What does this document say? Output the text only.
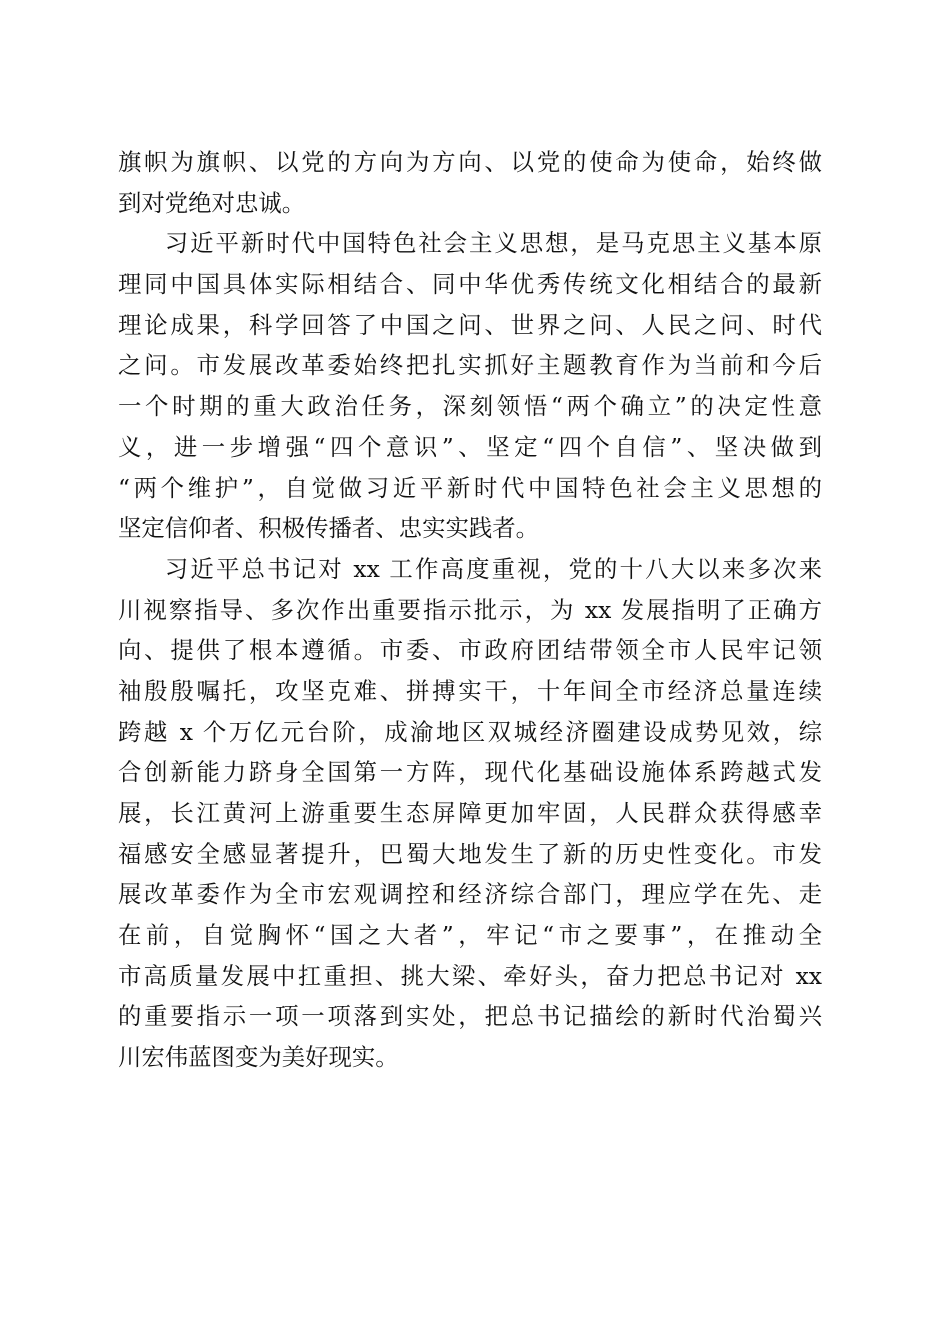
旗帜为旗帜、以党的方向为方向、以党的使命为使命，始终做
到对党绝对忠诚。
习近平新时代中国特色社会主义思想，是马克思主义基本原
理同中国具体实际相结合、同中华优秀传统文化相结合的最新
理论成果，科学回答了中国之问、世界之问、人民之问、时代
之问。市发展改革委始终把扎实抓好主题教育作为当前和今后
一个时期的重大政治任务，深刻领悟“两个确立”的决定性意
义，进一步增强“四个意识”、坚定“四个自信”、坚决做到
“两个维护”，自觉做习近平新时代中国特色社会主义思想的
坚定信仰者、积极传播者、忠实实践者。
习近平总书记对 xx 工作高度重视，党的十八大以来多次来
川视察指导、多次作出重要指示批示，为 xx 发展指明了正确方
向、提供了根本遵循。市委、市政府团结带领全市人民牢记领
袖殷殷嘱托，攻坚克难、拼搏实干，十年间全市经济总量连续
跨越 x 个万亿元台阶，成渝地区双城经济圈建设成势见效，综
合创新能力跻身全国第一方阵，现代化基础设施体系跨越式发
展，长江黄河上游重要生态屏障更加牢固，人民群众获得感幸
福感安全感显著提升，巴蜀大地发生了新的历史性变化。市发
展改革委作为全市宏观调控和经济综合部门，理应学在先、走
在前，自觉胸怀“国之大者”，牢记“市之要事”，在推动全
市高质量发展中扛重担、挑大梁、牵好头，奋力把总书记对 xx
的重要指示一项一项落到实处，把总书记描绘的新时代治蜀兴
川宏伟蓝图变为美好现实。
